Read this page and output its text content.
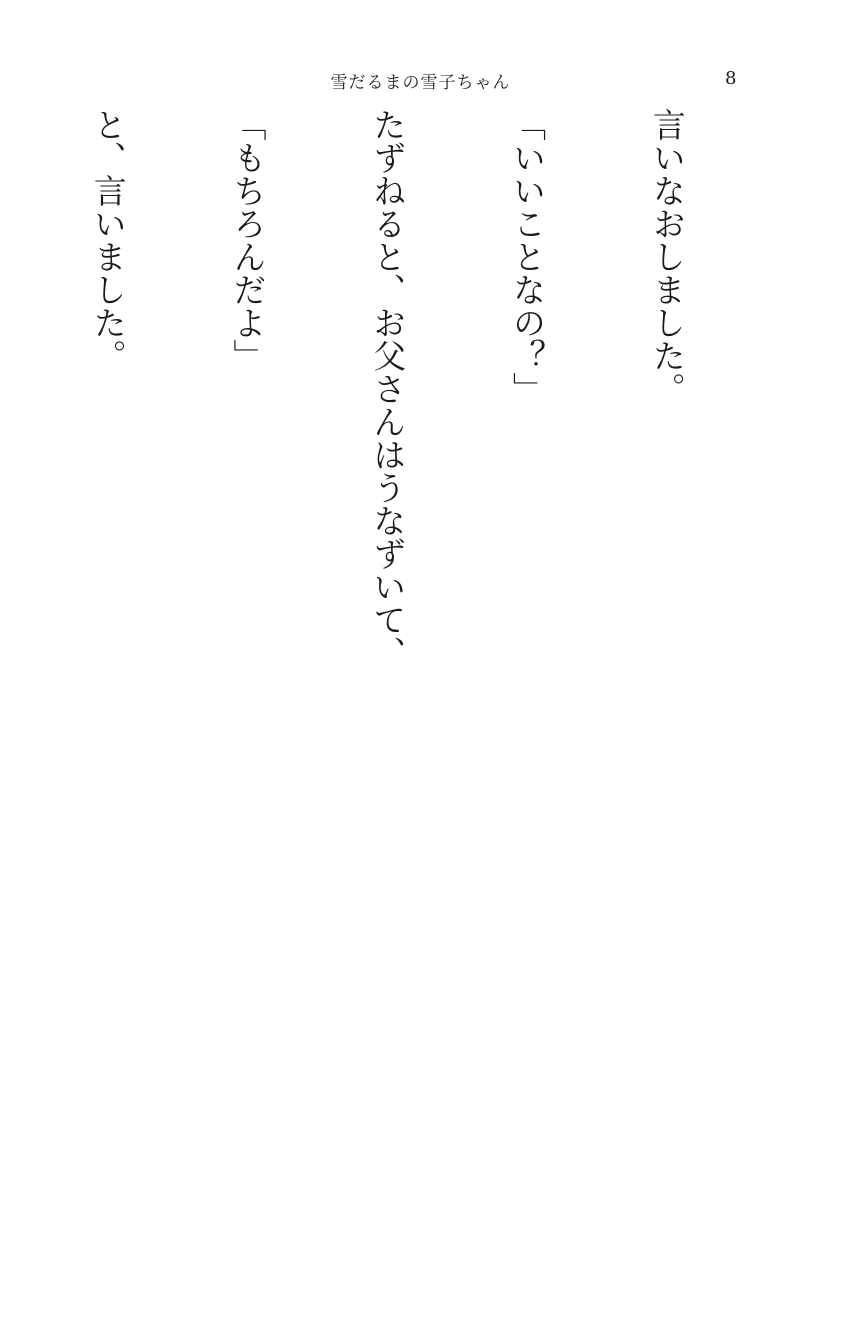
雪だるまの雪子ちゃん	8

言いなおしました。

「いいことなの？」

たずねると、お父さんはうなずいて、

「もちろんだよ」

と、言いました。
